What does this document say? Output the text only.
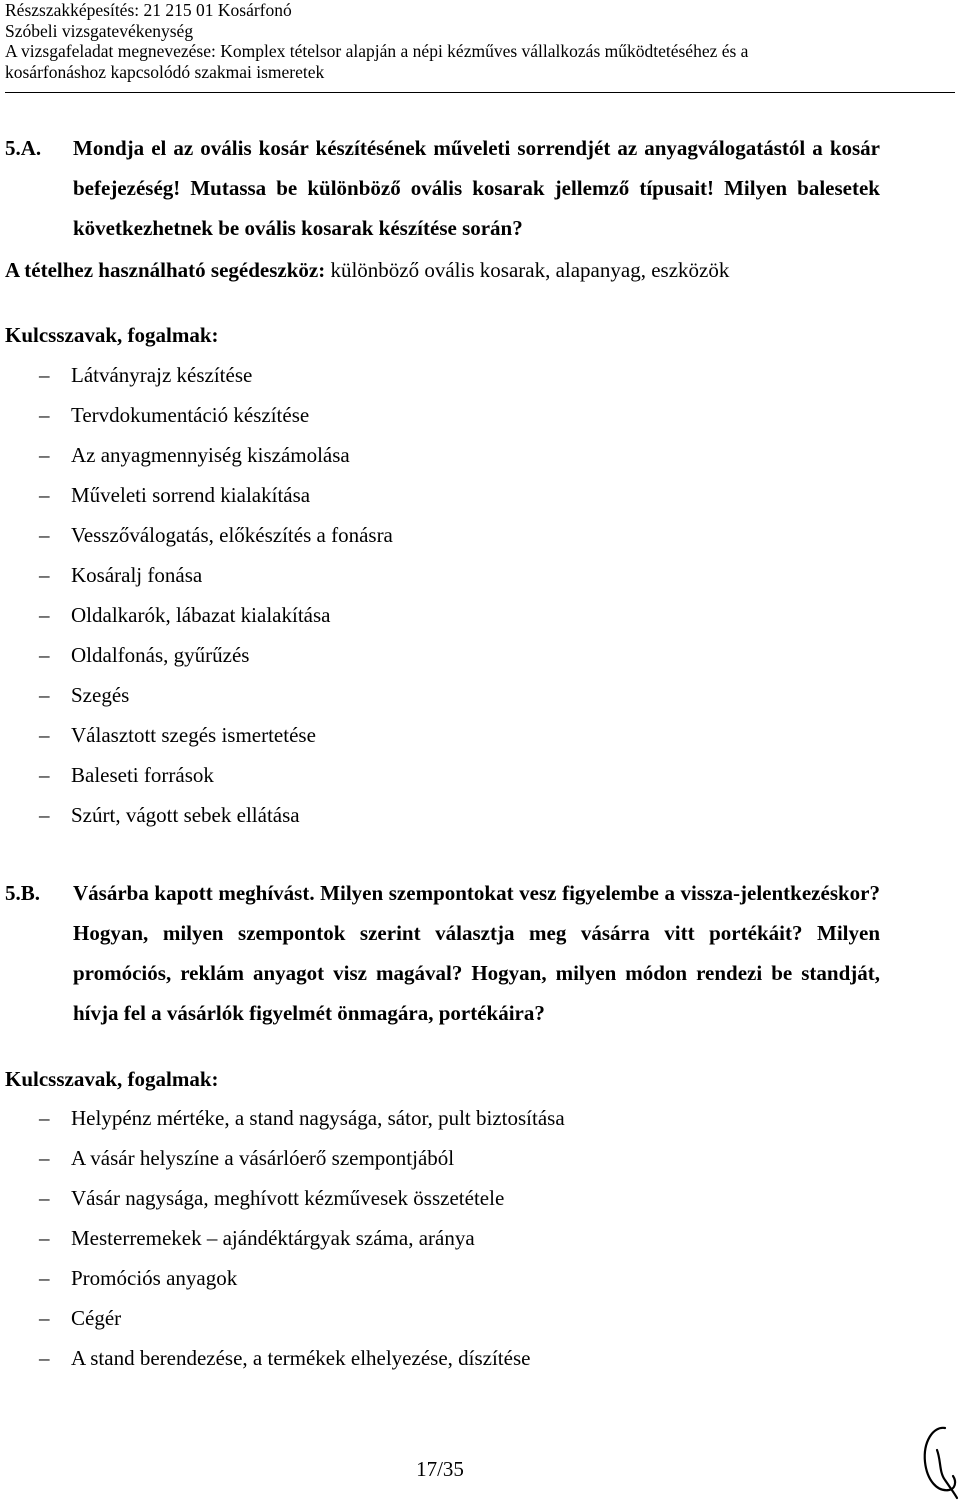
Részszakképesítés: 21 215 01 Kosárfonó
Szóbeli vizsgatevékenység
A vizsgafeladat megnevezése: Komplex tételsor alapján a népi kézműves vállalkozás működtetéséhez és a
kosárfonáshoz kapcsolódó szakmai ismeretek
5.A. Mondja el az ovális kosár készítésének műveleti sorrendjét az anyagválogatástól a kosár befejezéség! Mutassa be különböző ovális kosarak jellemző típusait! Milyen balesetek következhetnek be ovális kosarak készítése során?
A tételhez használható segédeszköz: különböző ovális kosarak, alapanyag, eszközök
Kulcsszavak, fogalmak:
– Látványrajz készítése
– Tervdokumentáció készítése
– Az anyagmennyiség kiszámolása
– Műveleti sorrend kialakítása
– Vesszőválogatás, előkészítés a fonásra
– Kosáralj fonása
– Oldalkarók, lábazat kialakítása
– Oldalfonás, gyűrűzés
– Szegés
– Választott szegés ismertetése
– Baleseti források
– Szúrt, vágott sebek ellátása
5.B. Vásárba kapott meghívást. Milyen szempontokat vesz figyelembe a vissza-jelentkezéskor? Hogyan, milyen szempontok szerint választja meg vásárra vitt portékáit? Milyen promóciós, reklám anyagot visz magával? Hogyan, milyen módon rendezi be standját, hívja fel a vásárlók figyelmét önmagára, portékáira?
Kulcsszavak, fogalmak:
– Helypénz mértéke, a stand nagysága, sátor, pult biztosítása
– A vásár helyszíne a vásárlóerő szempontjából
– Vásár nagysága, meghívott kézművesek összetétele
– Mesterremekek – ajándéktárgyak száma, aránya
– Promóciós anyagok
– Cégér
– A stand berendezése, a termékek elhelyezése, díszítése
17/35
